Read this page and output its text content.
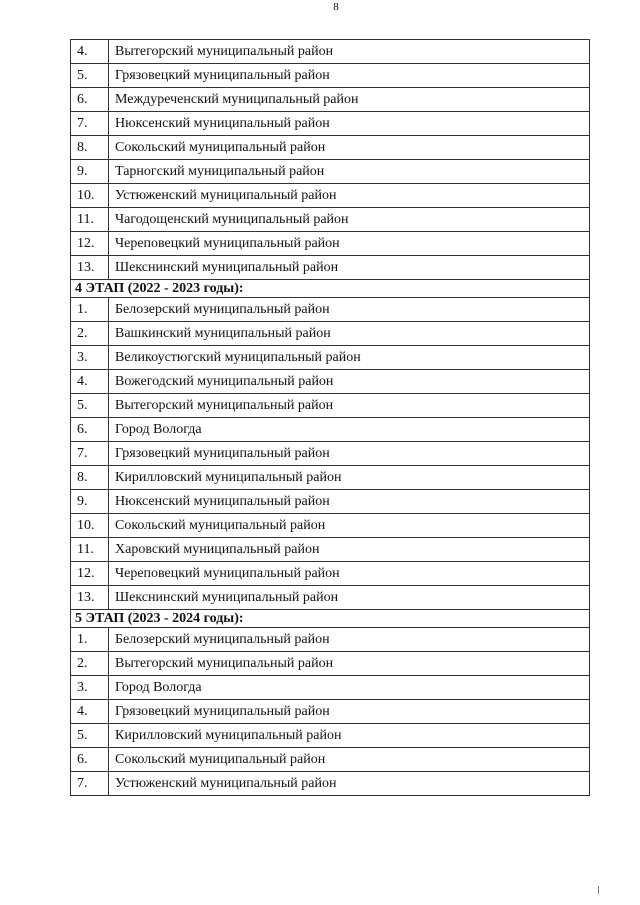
8
4.	Вытегорский муниципальный район
5.	Грязовецкий муниципальный район
6.	Междуреченский муниципальный район
7.	Нюксенский муниципальный район
8.	Сокольский муниципальный район
9.	Тарногский муниципальный район
10.	Устюженский муниципальный район
11.	Чагодощенский муниципальный район
12.	Череповецкий муниципальный район
13.	Шекснинский муниципальный район
4 ЭТАП (2022 - 2023 годы):	
1.	Белозерский муниципальный район
2.	Вашкинский муниципальный район
3.	Великоустюгский муниципальный район
4.	Вожегодский муниципальный район
5.	Вытегорский муниципальный район
6.	Город Вологда
7.	Грязовецкий муниципальный район
8.	Кирилловский муниципальный район
9.	Нюксенский муниципальный район
10.	Сокольский муниципальный район
11.	Харовский муниципальный район
12.	Череповецкий муниципальный район
13.	Шекснинский муниципальный район
5 ЭТАП (2023 - 2024 годы):	
1.	Белозерский муниципальный район
2.	Вытегорский муниципальный район
3.	Город Вологда
4.	Грязовецкий муниципальный район
5.	Кирилловский муниципальный район
6.	Сокольский муниципальный район
7.	Устюженский муниципальный район
